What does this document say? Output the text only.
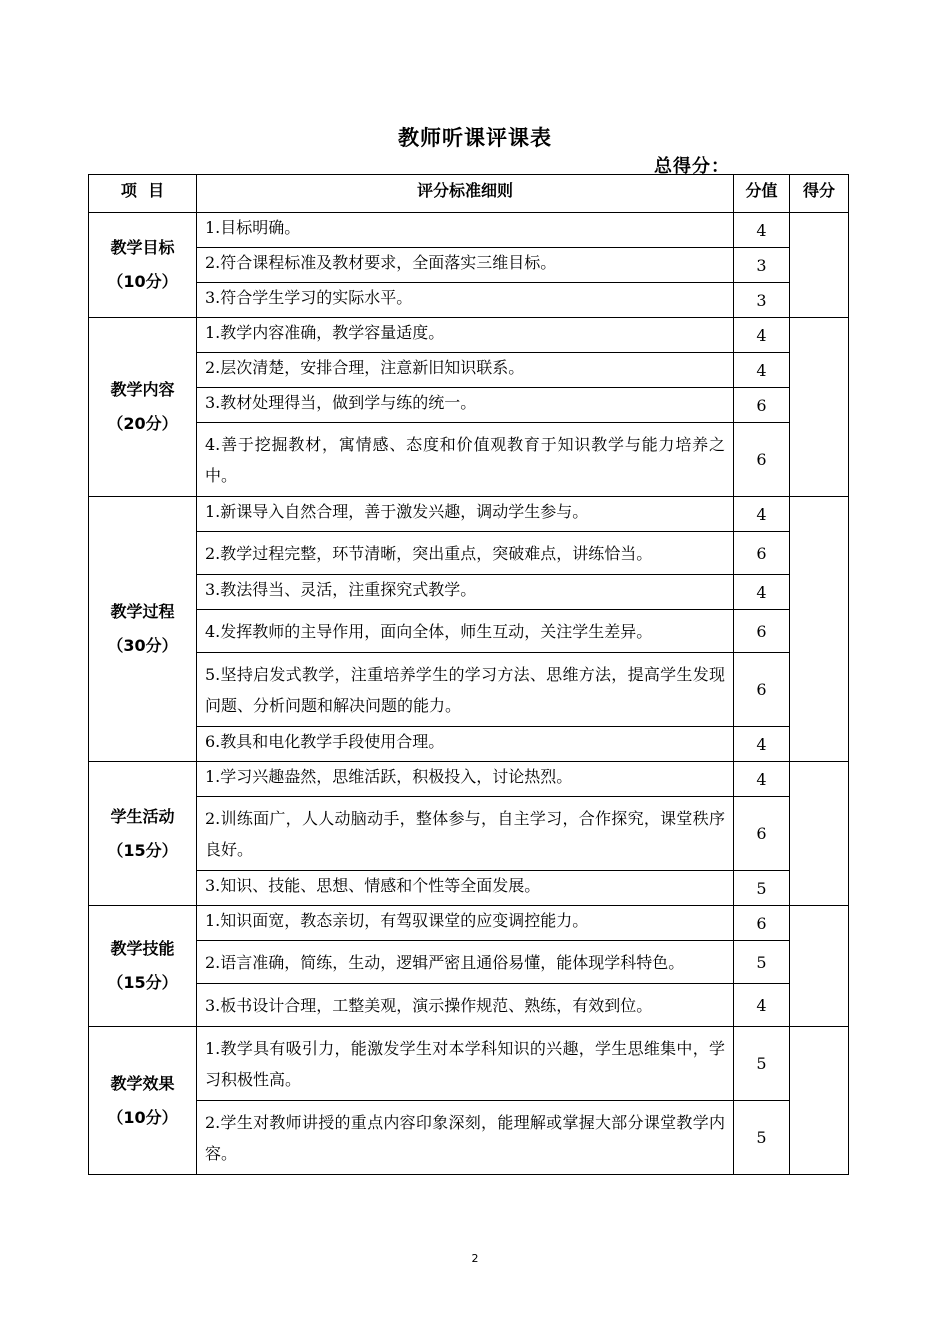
教师听课评课表
总得分：
项  目	评分标准细则	分值	得分

教学目标
（10分）	1.目标明确。	4	
	2.符合课程标准及教材要求，全面落实三维目标。	3	
	3.符合学生学习的实际水平。	3	

教学内容
（20分）	1.教学内容准确，教学容量适度。	4	
	2.层次清楚，安排合理，注意新旧知识联系。	4	
	3.教材处理得当，做到学与练的统一。	6	
	4.善于挖掘教材，寓情感、态度和价值观教育于知识教学与能力培养之中。	6	

教学过程
（30分）	1.新课导入自然合理，善于激发兴趣，调动学生参与。	4	
	2.教学过程完整，环节清晰，突出重点，突破难点，讲练恰当。	6	
	3.教法得当、灵活，注重探究式教学。	4	
	4.发挥教师的主导作用，面向全体，师生互动，关注学生差异。	6	
	5.坚持启发式教学，注重培养学生的学习方法、思维方法，提高学生发现问题、分析问题和解决问题的能力。	6	
	6.教具和电化教学手段使用合理。	4	

学生活动
（15分）	1.学习兴趣盎然，思维活跃，积极投入，讨论热烈。	4	
	2.训练面广，人人动脑动手，整体参与，自主学习，合作探究，课堂秩序良好。	6	
	3.知识、技能、思想、情感和个性等全面发展。	5	

教学技能
（15分）	1.知识面宽，教态亲切，有驾驭课堂的应变调控能力。	6	
	2.语言准确，简练，生动，逻辑严密且通俗易懂，能体现学科特色。	5	
	3.板书设计合理，工整美观，演示操作规范、熟练，有效到位。	4	

教学效果
（10分）	1.教学具有吸引力，能激发学生对本学科知识的兴趣，学生思维集中，学习积极性高。	5	
	2.学生对教师讲授的重点内容印象深刻，能理解或掌握大部分课堂教学内容。	5	
2
